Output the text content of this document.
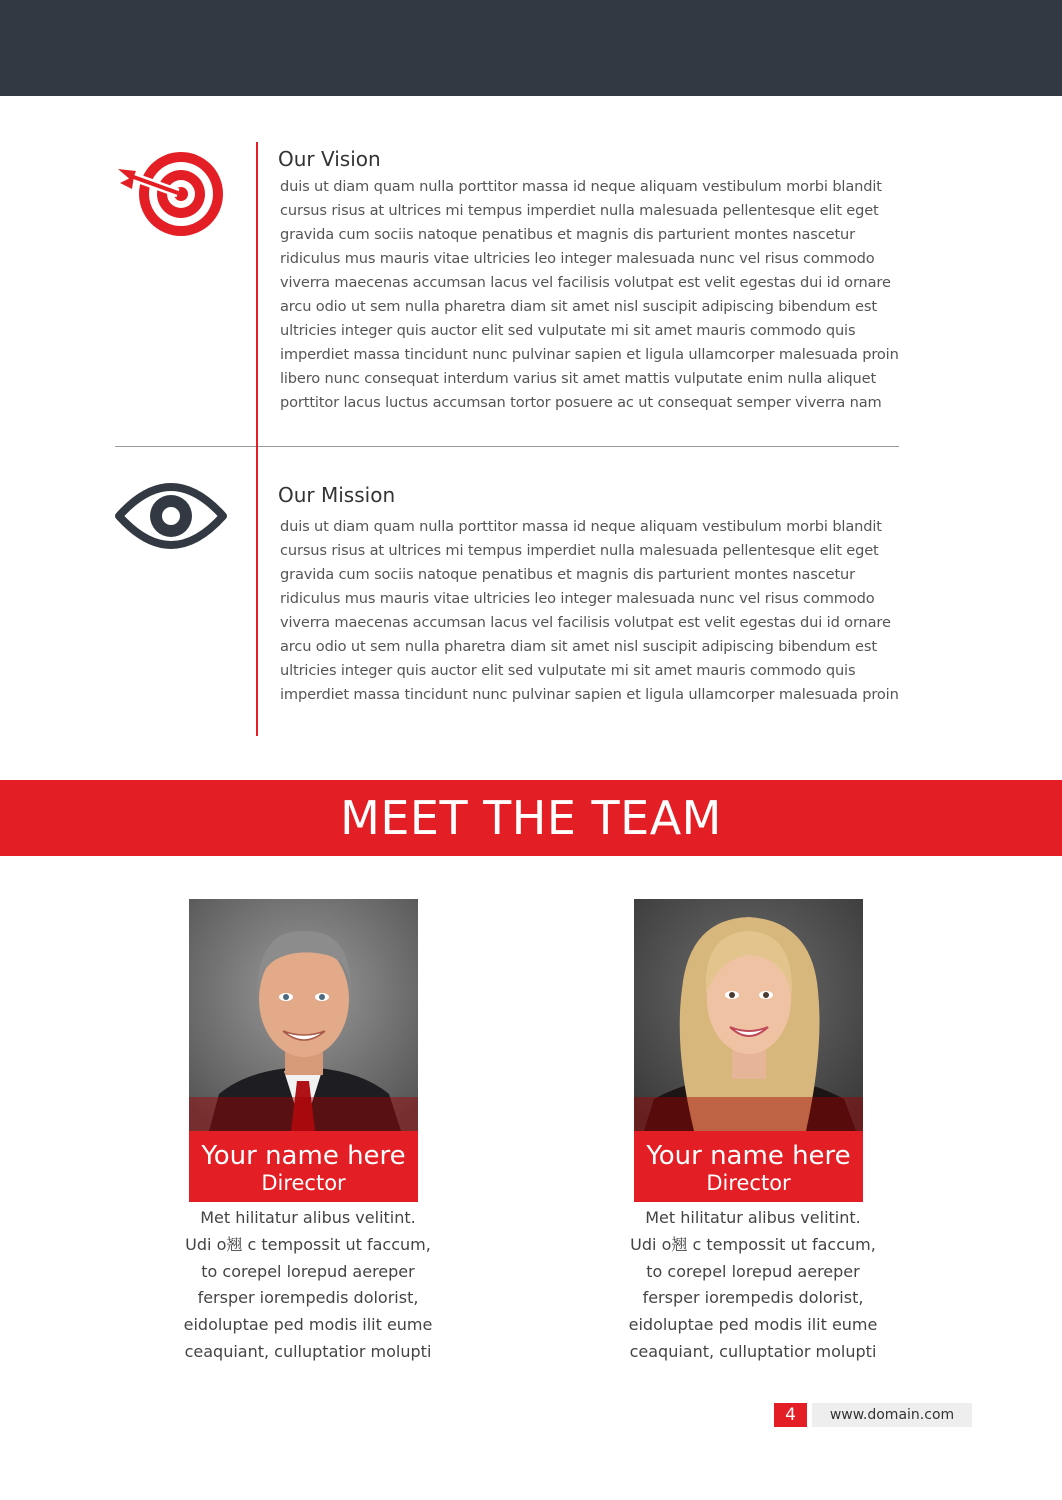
Our Vision
duis ut diam quam nulla porttitor massa id neque aliquam vestibulum morbi blandit
cursus risus at ultrices mi tempus imperdiet nulla malesuada pellentesque elit eget
gravida cum sociis natoque penatibus et magnis dis parturient montes nascetur
ridiculus mus mauris vitae ultricies leo integer malesuada nunc vel risus commodo
viverra maecenas accumsan lacus vel facilisis volutpat est velit egestas dui id ornare
arcu odio ut sem nulla pharetra diam sit amet nisl suscipit adipiscing bibendum est
ultricies integer quis auctor elit sed vulputate mi sit amet mauris commodo quis
imperdiet massa tincidunt nunc pulvinar sapien et ligula ullamcorper malesuada proin
libero nunc consequat interdum varius sit amet mattis vulputate enim nulla aliquet
porttitor lacus luctus accumsan tortor posuere ac ut consequat semper viverra nam
Our Mission
duis ut diam quam nulla porttitor massa id neque aliquam vestibulum morbi blandit
cursus risus at ultrices mi tempus imperdiet nulla malesuada pellentesque elit eget
gravida cum sociis natoque penatibus et magnis dis parturient montes nascetur
ridiculus mus mauris vitae ultricies leo integer malesuada nunc vel risus commodo
viverra maecenas accumsan lacus vel facilisis volutpat est velit egestas dui id ornare
arcu odio ut sem nulla pharetra diam sit amet nisl suscipit adipiscing bibendum est
ultricies integer quis auctor elit sed vulputate mi sit amet mauris commodo quis
imperdiet massa tincidunt nunc pulvinar sapien et ligula ullamcorper malesuada proin
MEET THE TEAM
Your name here
Director
Met hilitatur alibus velitint.
Udi o翘 c tempossit ut faccum,
to corepel lorepud aereper
fersper iorempedis dolorist,
eidoluptae ped modis ilit eume
ceaquiant, culluptatior molupti
Your name here
Director
Met hilitatur alibus velitint.
Udi o翘 c tempossit ut faccum,
to corepel lorepud aereper
fersper iorempedis dolorist,
eidoluptae ped modis ilit eume
ceaquiant, culluptatior molupti
4	www.domain.com
